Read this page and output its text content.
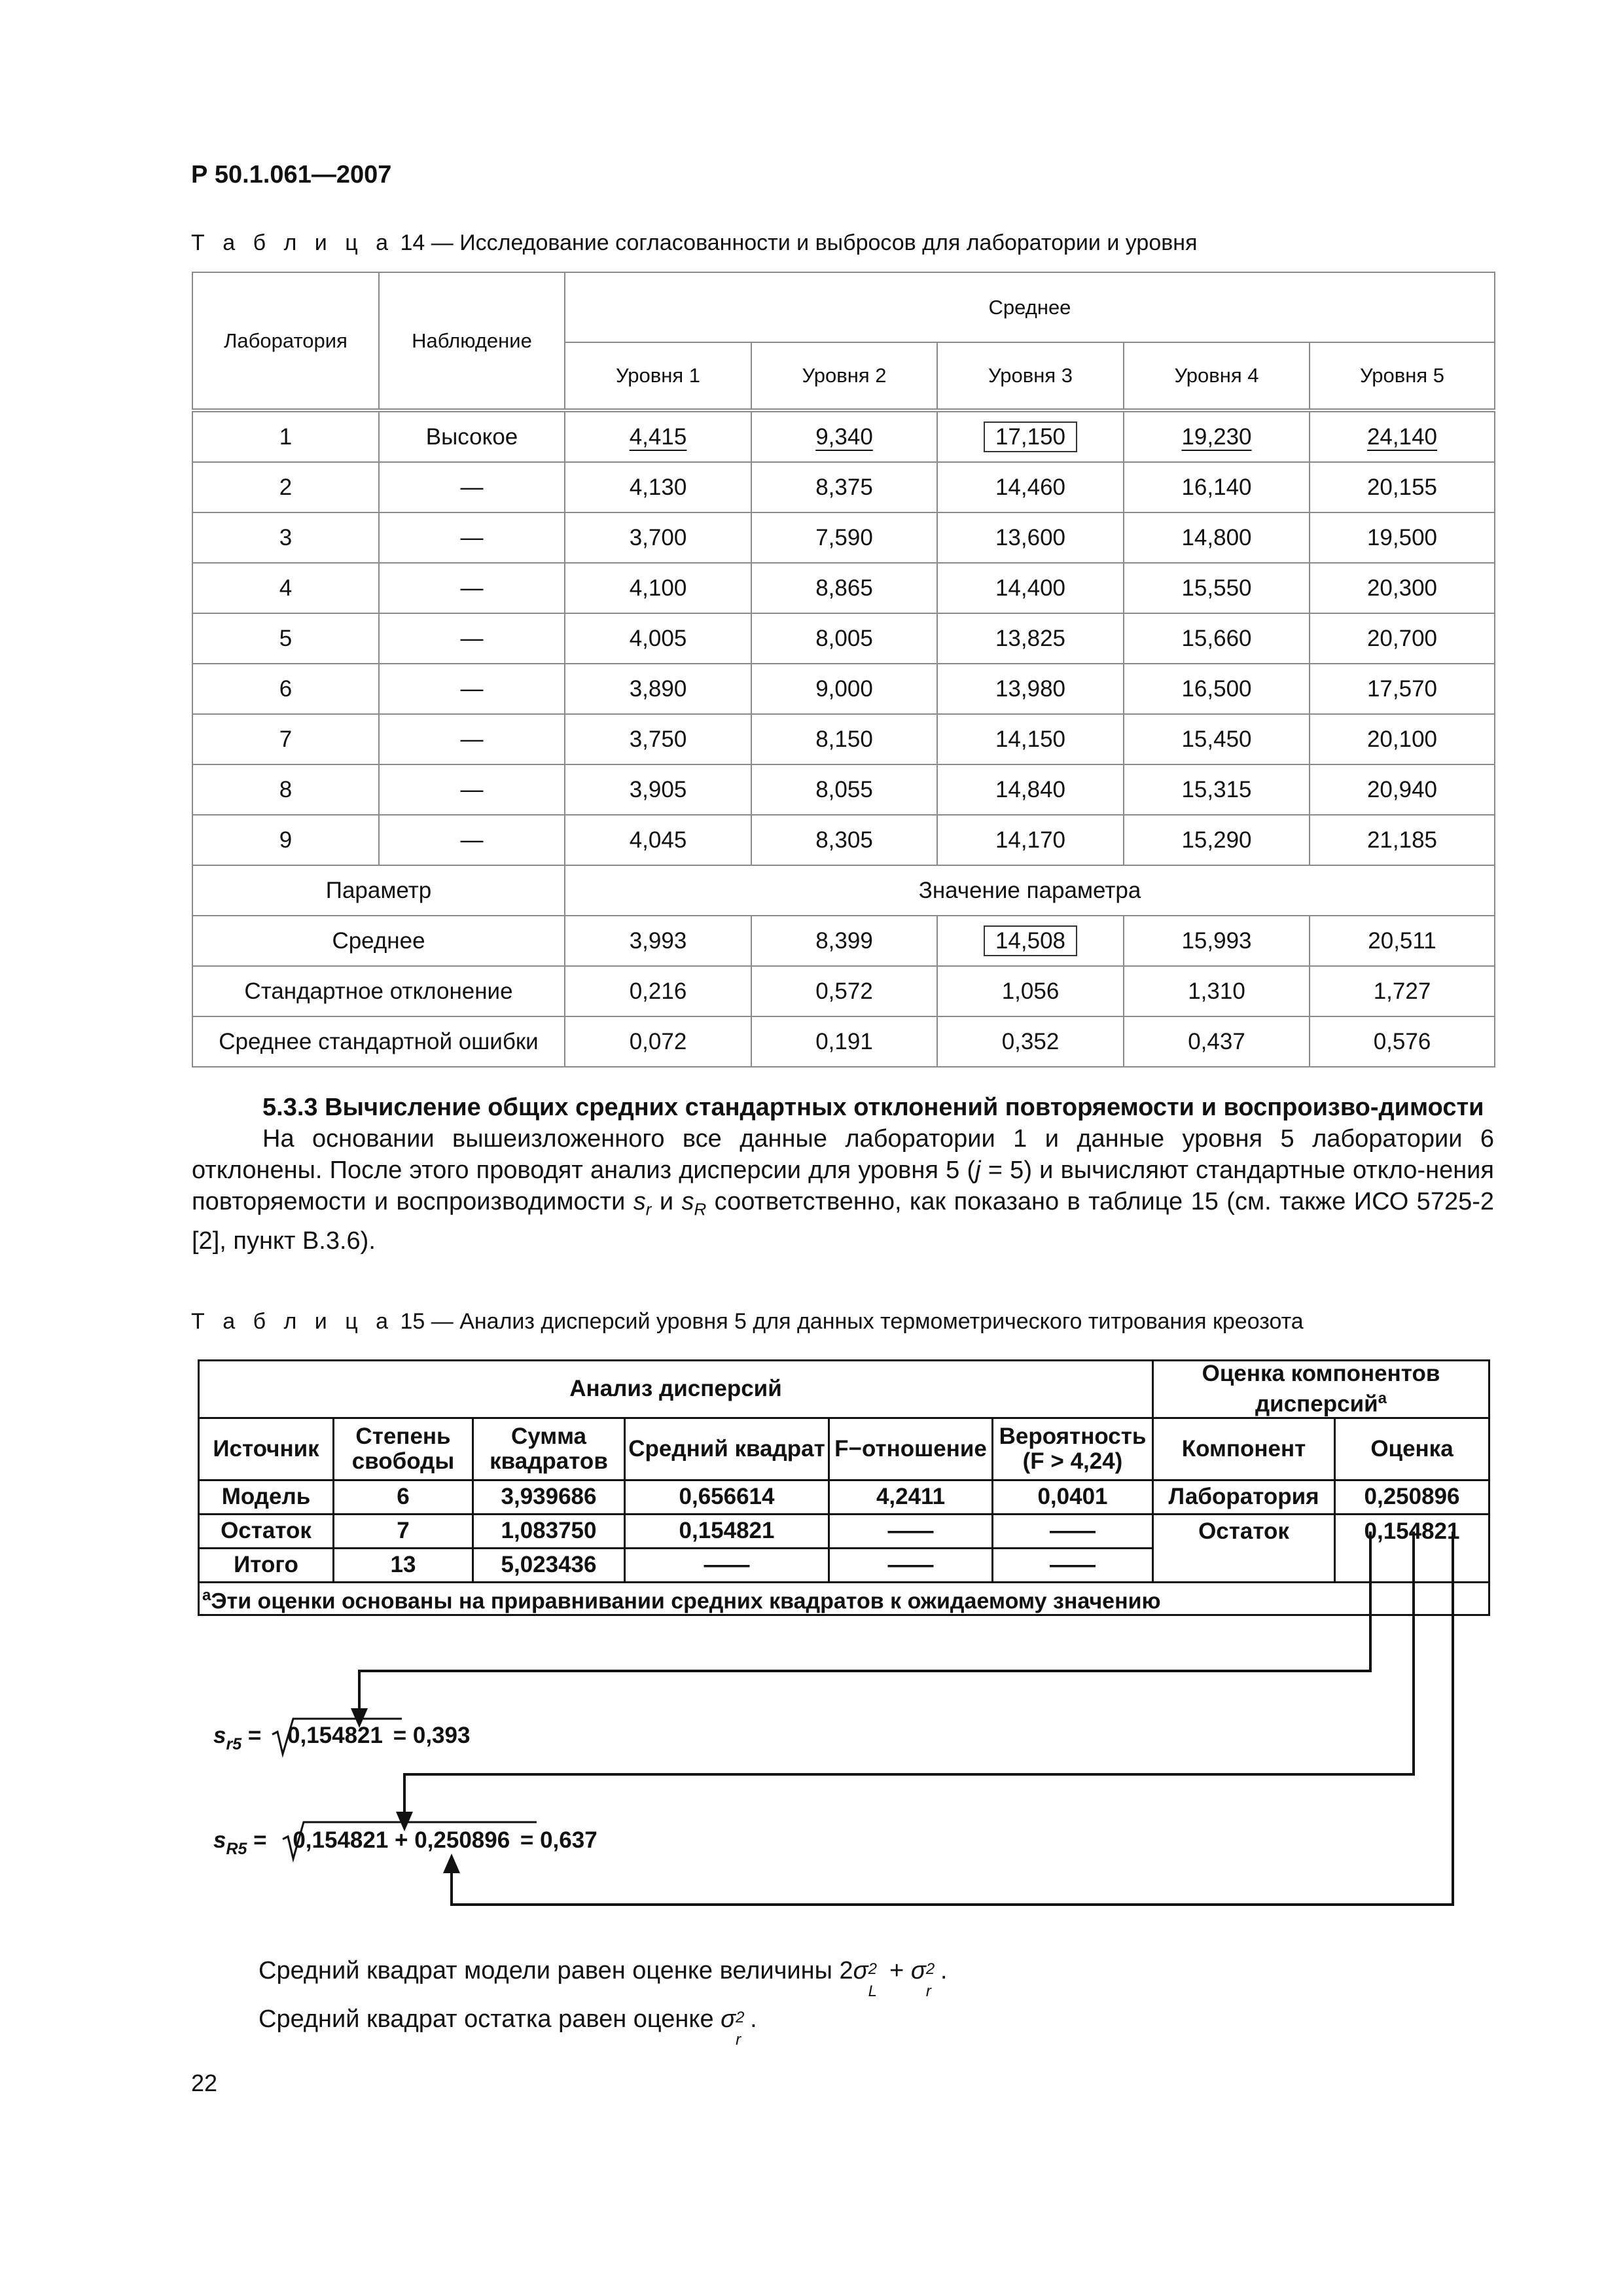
Р 50.1.061—2007
Т а б л и ц а 14 — Исследование согласованности и выбросов для лаборатории и уровня
Лаборатория	Наблюдение	Среднее				
		Уровня 1	Уровня 2	Уровня 3	Уровня 4	Уровня 5
1	Высокое	4,415	9,340	17,150	19,230	24,140
2	—	4,130	8,375	14,460	16,140	20,155
3	—	3,700	7,590	13,600	14,800	19,500
4	—	4,100	8,865	14,400	15,550	20,300
5	—	4,005	8,005	13,825	15,660	20,700
6	—	3,890	9,000	13,980	16,500	17,570
7	—	3,750	8,150	14,150	15,450	20,100
8	—	3,905	8,055	14,840	15,315	20,940
9	—	4,045	8,305	14,170	15,290	21,185
Параметр		Значение параметра				
Среднее		3,993	8,399	14,508	15,993	20,511
Стандартное отклонение		0,216	0,572	1,056	1,310	1,727
Среднее стандартной ошибки		0,072	0,191	0,352	0,437	0,576

5.3.3 Вычисление общих средних стандартных отклонений повторяемости и воспроизво-димости

На основании вышеизложенного все данные лаборатории 1 и данные уровня 5 лаборатории 6 отклонены. После этого проводят анализ дисперсии для уровня 5 (j = 5) и вычисляют стандартные откло-нения повторяемости и воспроизводимости $s_r$ и $s_R$ соответственно, как показано в таблице 15 (см. также ИСО 5725-2 [2], пункт В.3.6).

Т а б л и ц а 15 — Анализ дисперсий уровня 5 для данных термометрического титрования креозота
Анализ дисперсий						Оценка компонентов дисперсий$^a$
Источник	Степень свободы	Сумма квадратов	Средний квадрат	F−отношение	Вероятность (F > 4,24)	Компонент	Оценка
Модель	6	3,939686	0,656614	4,2411	0,0401	Лаборатория	0,250896
Остаток	7	1,083750	0,154821	——	——	Остаток	0,154821
Итого	13	5,023436	——	——	——		
$^a$Эти оценки основаны на приравнивании средних квадратов к ожидаемому значению							
$s_{r5} = 0,154821 = 0,393$
$s_{R5} = 0,154821 + 0,250896 = 0,637$
Средний квадрат модели равен оценке величины 2σ 2
L
+ σ 2
r
.
Средний квадрат остатка равен оценке σ 2
r
.
22
